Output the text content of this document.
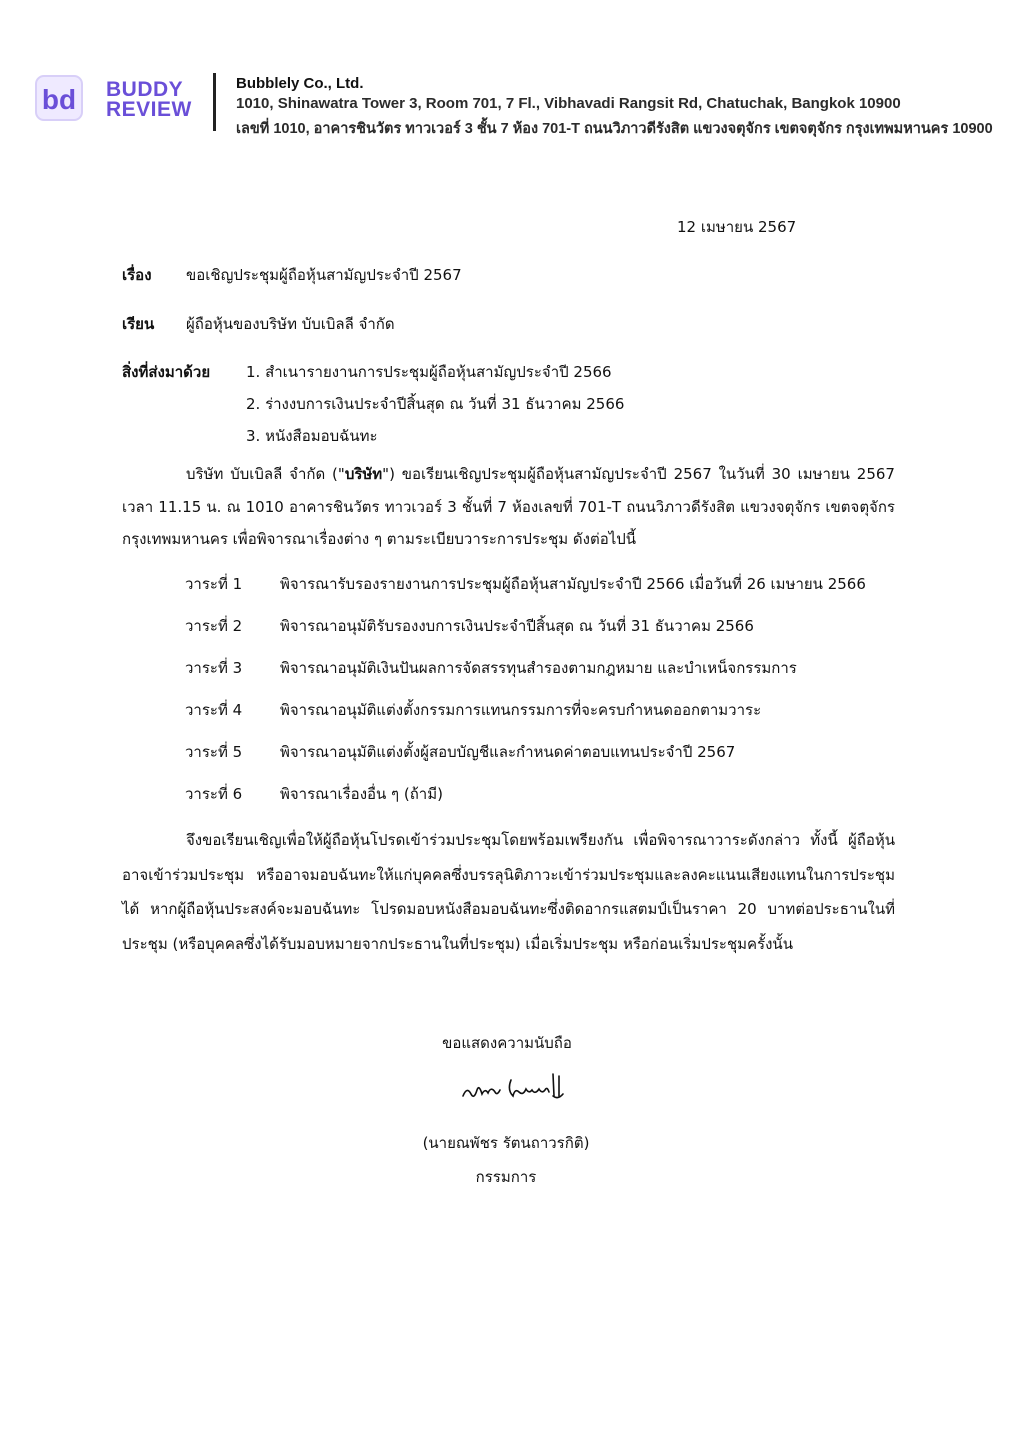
bd BUDDY
REVIEW
Bubblely Co., Ltd.
1010, Shinawatra Tower 3, Room 701, 7 Fl., Vibhavadi Rangsit Rd, Chatuchak, Bangkok 10900
เลขที่ 1010, อาคารชินวัตร ทาวเวอร์ 3 ชั้น 7 ห้อง 701-T ถนนวิภาวดีรังสิต แขวงจตุจักร เขตจตุจักร กรุงเทพมหานคร 10900
12 เมษายน 2567
เรื่อง ขอเชิญประชุมผู้ถือหุ้นสามัญประจำปี 2567
เรียน ผู้ถือหุ้นของบริษัท บับเบิลลี จำกัด
สิ่งที่ส่งมาด้วย 1. สำเนารายงานการประชุมผู้ถือหุ้นสามัญประจำปี 2566
2. ร่างงบการเงินประจำปีสิ้นสุด ณ วันที่ 31 ธันวาคม 2566
3. หนังสือมอบฉันทะ
บริษัท บับเบิลลี จำกัด ("บริษัท") ขอเรียนเชิญประชุมผู้ถือหุ้นสามัญประจำปี 2567 ในวันที่ 30 เมษายน 2567 เวลา 11.15 น. ณ 1010 อาคารชินวัตร ทาวเวอร์ 3 ชั้นที่ 7 ห้องเลขที่ 701-T ถนนวิภาวดีรังสิต แขวงจตุจักร เขตจตุจักร กรุงเทพมหานคร เพื่อพิจารณาเรื่องต่าง ๆ ตามระเบียบวาระการประชุม ดังต่อไปนี้
วาระที่ 1	พิจารณารับรองรายงานการประชุมผู้ถือหุ้นสามัญประจำปี 2566 เมื่อวันที่ 26 เมษายน 2566
วาระที่ 2	พิจารณาอนุมัติรับรองงบการเงินประจำปีสิ้นสุด ณ วันที่ 31 ธันวาคม 2566
วาระที่ 3	พิจารณาอนุมัติเงินปันผลการจัดสรรทุนสำรองตามกฎหมาย และบำเหน็จกรรมการ
วาระที่ 4	พิจารณาอนุมัติแต่งตั้งกรรมการแทนกรรมการที่จะครบกำหนดออกตามวาระ
วาระที่ 5	พิจารณาอนุมัติแต่งตั้งผู้สอบบัญชีและกำหนดค่าตอบแทนประจำปี 2567
วาระที่ 6	พิจารณาเรื่องอื่น ๆ (ถ้ามี)
จึงขอเรียนเชิญเพื่อให้ผู้ถือหุ้นโปรดเข้าร่วมประชุมโดยพร้อมเพรียงกัน เพื่อพิจารณาวาระดังกล่าว ทั้งนี้ ผู้ถือหุ้นอาจเข้าร่วมประชุม หรืออาจมอบฉันทะให้แก่บุคคลซึ่งบรรลุนิติภาวะเข้าร่วมประชุมและลงคะแนนเสียงแทนในการประชุมได้ หากผู้ถือหุ้นประสงค์จะมอบฉันทะ โปรดมอบหนังสือมอบฉันทะซึ่งติดอากรแสตมป์เป็นราคา 20 บาทต่อประธานในที่ประชุม (หรือบุคคลซึ่งได้รับมอบหมายจากประธานในที่ประชุม) เมื่อเริ่มประชุม หรือก่อนเริ่มประชุมครั้งนั้น
ขอแสดงความนับถือ
(นายณพัชร รัตนถาวรกิติ)
กรรมการ
